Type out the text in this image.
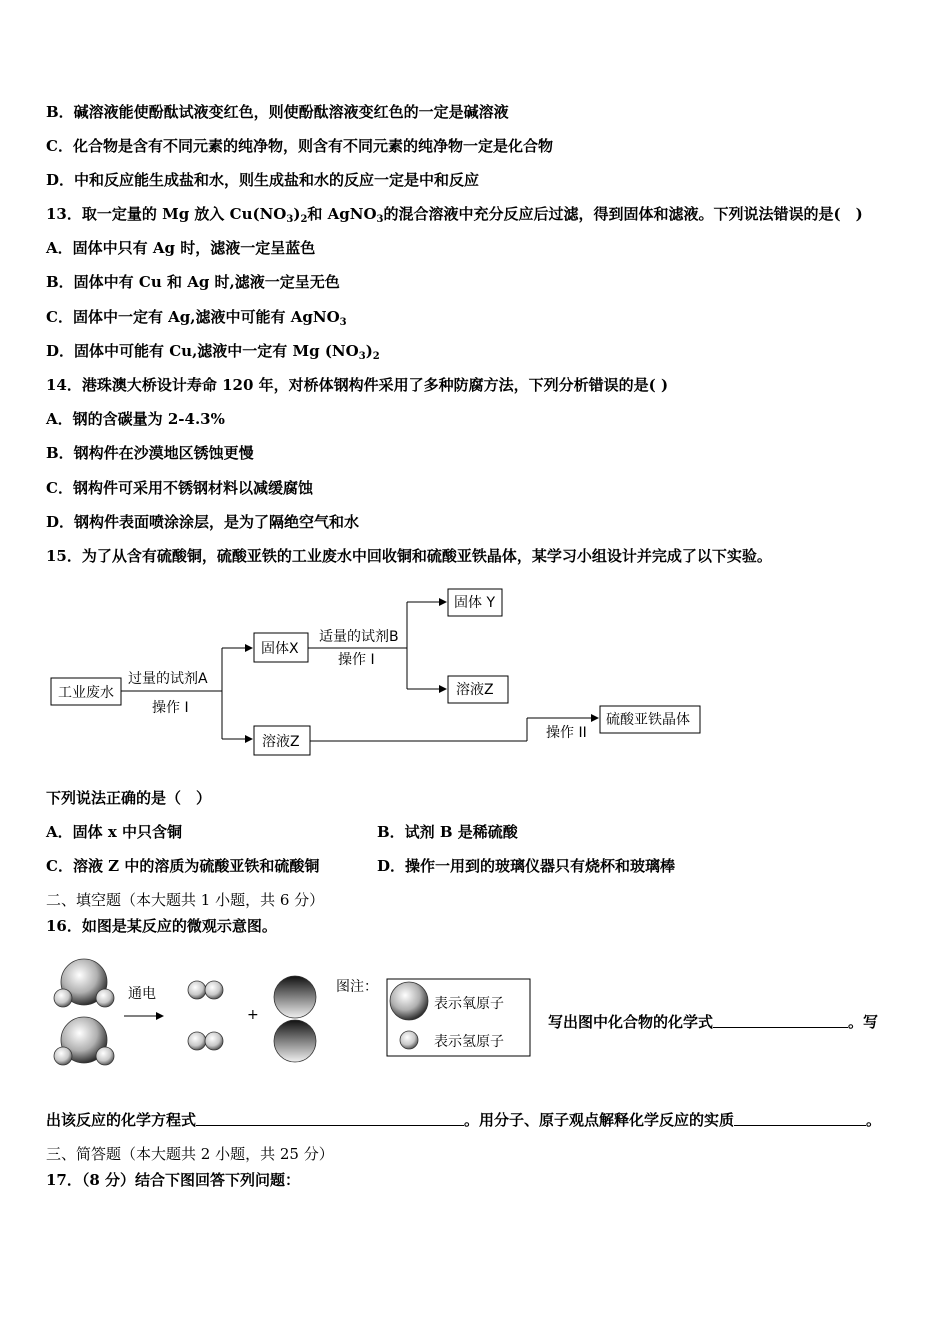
B．碱溶液能使酚酞试液变红色，则使酚酞溶液变红色的一定是碱溶液
C．化合物是含有不同元素的纯净物，则含有不同元素的纯净物一定是化合物
D．中和反应能生成盐和水，则生成盐和水的反应一定是中和反应
13．取一定量的 Mg 放入 $Cu(NO_3)_2$和 AgNO$_3$的混合溶液中充分反应后过滤，得到固体和滤液。下列说法错误的是(　)
A．固体中只有 Ag 时，滤液一定呈蓝色
B．固体中有 Cu 和 Ag 时,滤液一定呈无色
C．固体中一定有 Ag,滤液中可能有 AgNO$_3$
D．固体中可能有 Cu,滤液中一定有 Mg $(NO_3)_2$
14．港珠澳大桥设计寿命 120 年，对桥体钢构件采用了多种防腐方法，下列分析错误的是( )
A．钢的含碳量为 2-4.3%
B．钢构件在沙漠地区锈蚀更慢
C．钢构件可采用不锈钢材料以减缓腐蚀
D．钢构件表面喷涂涂层，是为了隔绝空气和水
15．为了从含有硫酸铜，硫酸亚铁的工业废水中回收铜和硫酸亚铁晶体，某学习小组设计并完成了以下实验。
工业废水
过量的试剂A
操作 I
固体X
适量的试剂B
操作 I
固体 Y
溶液Z
溶液Z
操作 II
硫酸亚铁晶体
下列说法正确的是（　）
A．固体 x 中只含铜	B．试剂 B 是稀硫酸
C．溶液 Z 中的溶质为硫酸亚铁和硫酸铜	D．操作一用到的玻璃仪器只有烧杯和玻璃棒
二、填空题（本大题共 1 小题，共 6 分）
16．如图是某反应的微观示意图。
通电
+
图注：
表示氧原子
表示氢原子
写出图中化合物的化学式	。写
出该反应的化学方程式	。用分子、原子观点解释化学反应的实质	。
三、简答题（本大题共 2 小题，共 25 分）
17．（8 分）结合下图回答下列问题：
